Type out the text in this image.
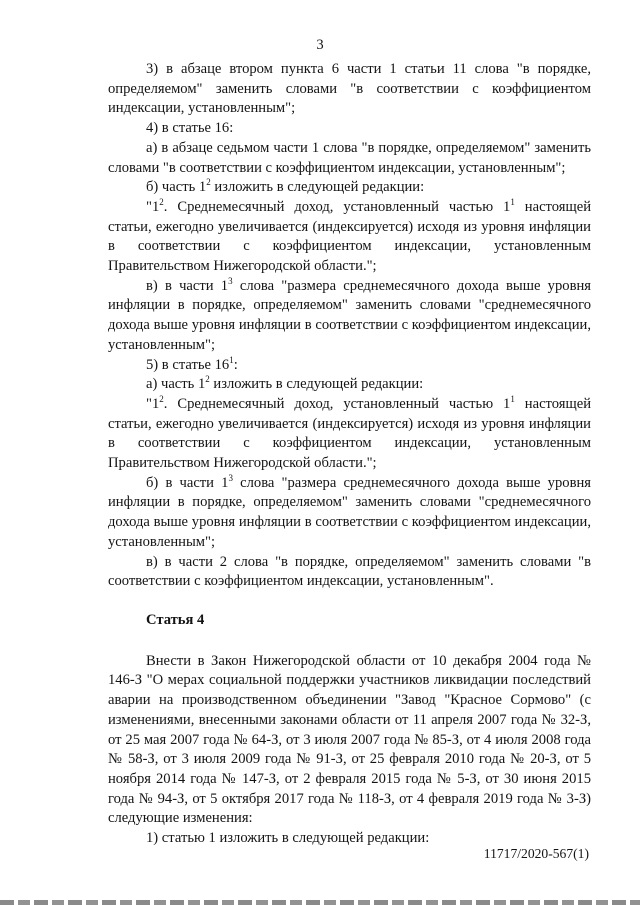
3

3) в абзаце втором пункта 6 части 1 статьи 11 слова "в порядке, определяемом" заменить словами "в соответствии с коэффициентом индексации, установленным";

4) в статье 16:

а) в абзаце седьмом части 1 слова "в порядке, определяемом" заменить словами "в соответствии с коэффициентом индексации, установленным";

б) часть $1^2$ изложить в следующей редакции:

"$1^2$. Среднемесячный доход, установленный частью $1^1$ настоящей статьи, ежегодно увеличивается (индексируется) исходя из уровня инфляции в соответствии с коэффициентом индексации, установленным Правительством Нижегородской области.";

в) в части $1^3$ слова "размера среднемесячного дохода выше уровня инфляции в порядке, определяемом" заменить словами "среднемесячного дохода выше уровня инфляции в соответствии с коэффициентом индексации, установленным";

5) в статье $16^1$:

а) часть $1^2$ изложить в следующей редакции:

"$1^2$. Среднемесячный доход, установленный частью $1^1$ настоящей статьи, ежегодно увеличивается (индексируется) исходя из уровня инфляции в соответствии с коэффициентом индексации, установленным Правительством Нижегородской области.";

б) в части $1^3$ слова "размера среднемесячного дохода выше уровня инфляции в порядке, определяемом" заменить словами "среднемесячного дохода выше уровня инфляции в соответствии с коэффициентом индексации, установленным";

в) в части 2 слова "в порядке, определяемом" заменить словами "в соответствии с коэффициентом индексации, установленным".

Статья 4

Внести в Закон Нижегородской области от 10 декабря 2004 года № 146-З "О мерах социальной поддержки участников ликвидации последствий аварии на производственном объединении "Завод "Красное Сормово" (с изменениями, внесенными законами области от 11 апреля 2007 года № 32-З, от 25 мая 2007 года № 64-З, от 3 июля 2007 года № 85-З, от 4 июля 2008 года № 58-З, от 3 июля 2009 года № 91-З, от 25 февраля 2010 года № 20-З, от 5 ноября 2014 года № 147-З, от 2 февраля 2015 года № 5-З, от 30 июня 2015 года № 94-З, от 5 октября 2017 года № 118-З, от 4 февраля 2019 года № 3-З) следующие изменения:

1) статью 1 изложить в следующей редакции:

11717/2020-567(1)
